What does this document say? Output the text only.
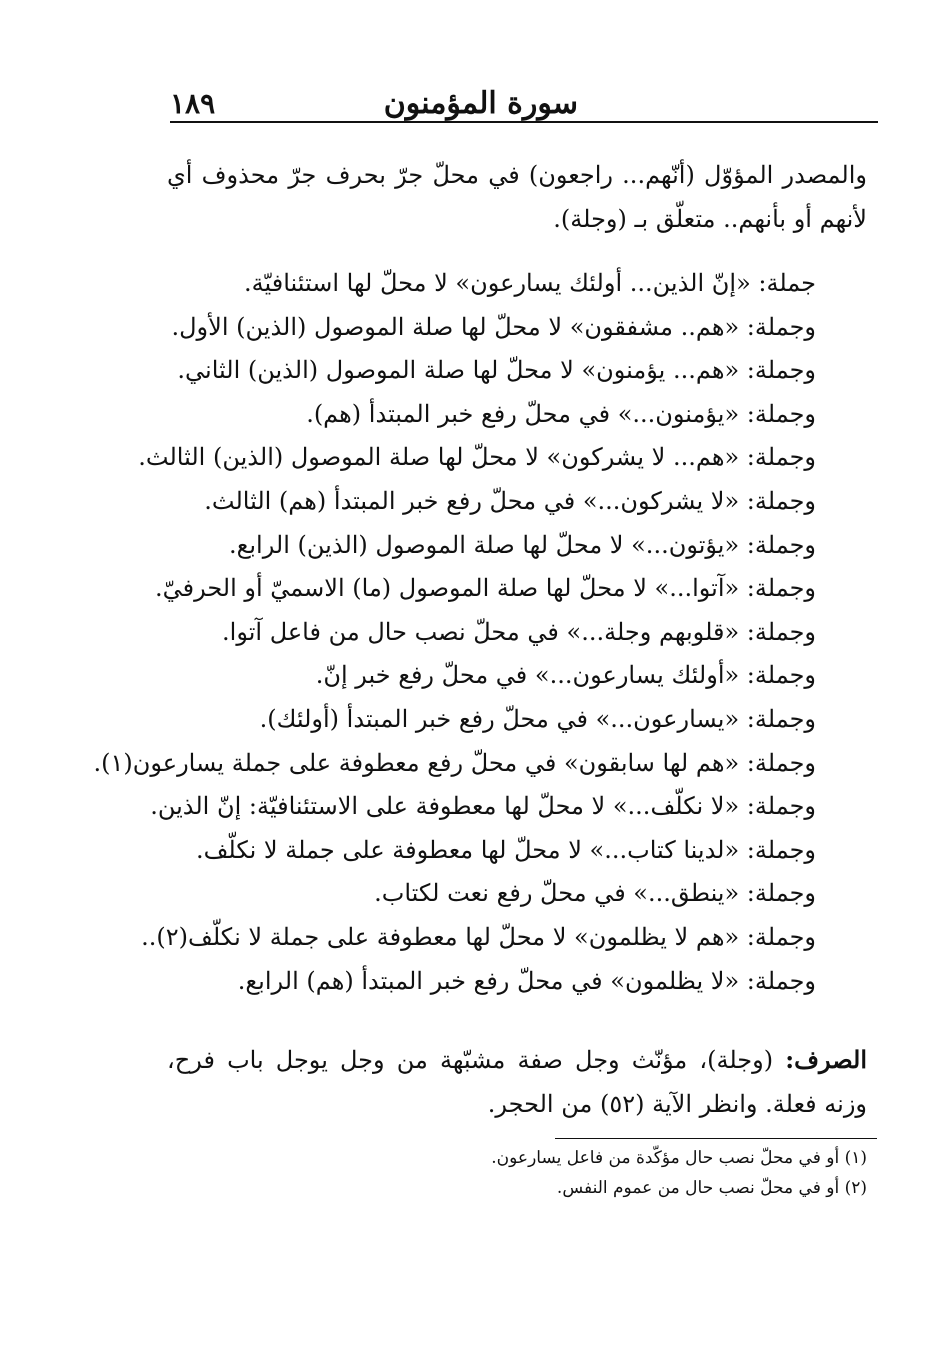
سورة المؤمنون
١٨٩

والمصدر المؤوّل (أنّهم... راجعون) في محلّ جرّ بحرف جرّ محذوف أي لأنهم أو بأنهم.. متعلّق بـ (وجلة).

جملة: «إنّ الذين... أولئك يسارعون» لا محلّ لها استئنافيّة.
وجملة: «هم.. مشفقون» لا محلّ لها صلة الموصول (الذين) الأول.
وجملة: «هم... يؤمنون» لا محلّ لها صلة الموصول (الذين) الثاني.
وجملة: «يؤمنون...» في محلّ رفع خبر المبتدأ (هم).
وجملة: «هم... لا يشركون» لا محلّ لها صلة الموصول (الذين) الثالث.
وجملة: «لا يشركون...» في محلّ رفع خبر المبتدأ (هم) الثالث.
وجملة: «يؤتون...» لا محلّ لها صلة الموصول (الذين) الرابع.
وجملة: «آتوا...» لا محلّ لها صلة الموصول (ما) الاسميّ أو الحرفيّ.
وجملة: «قلوبهم وجلة...» في محلّ نصب حال من فاعل آتوا.
وجملة: «أولئك يسارعون...» في محلّ رفع خبر إنّ.
وجملة: «يسارعون...» في محلّ رفع خبر المبتدأ (أولئك).
وجملة: «هم لها سابقون» في محلّ رفع معطوفة على جملة يسارعون(١).
وجملة: «لا نكلّف...» لا محلّ لها معطوفة على الاستئنافيّة: إنّ الذين.
وجملة: «لدينا كتاب...» لا محلّ لها معطوفة على جملة لا نكلّف.
وجملة: «ينطق...» في محلّ رفع نعت لكتاب.
وجملة: «هم لا يظلمون» لا محلّ لها معطوفة على جملة لا نكلّف(٢)..
وجملة: «لا يظلمون» في محلّ رفع خبر المبتدأ (هم) الرابع.

الصرف: (وجلة)، مؤنّث وجل صفة مشبّهة من وجل يوجل باب فرح، وزنه فعلة. وانظر الآية (٥٢) من الحجر.

(١) أو في محلّ نصب حال مؤكّدة من فاعل يسارعون.
(٢) أو في محلّ نصب حال من عموم النفس.
